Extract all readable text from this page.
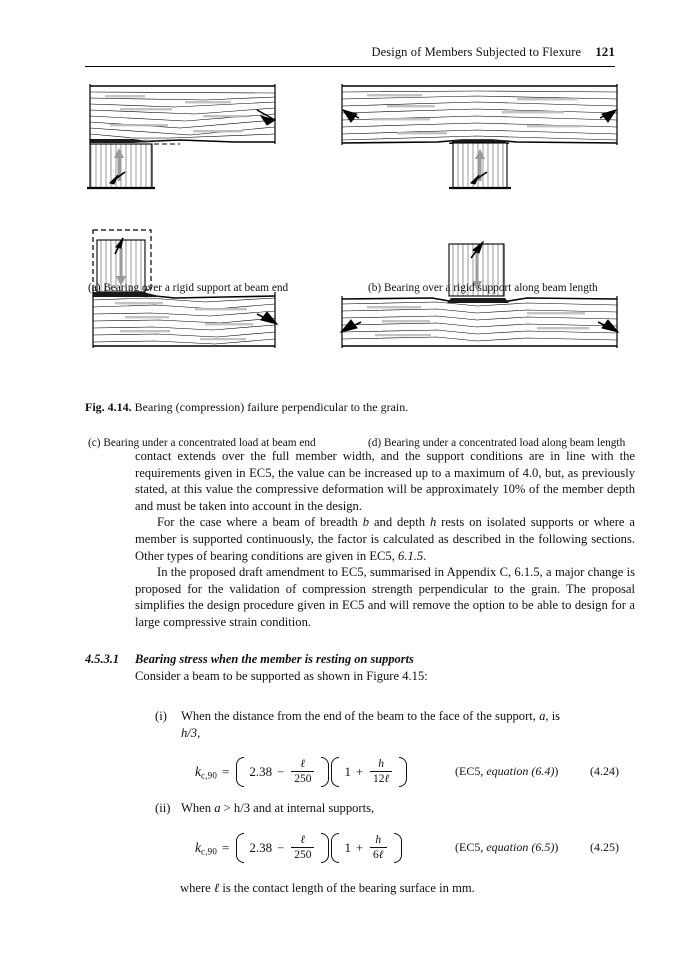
Design of Members Subjected to Flexure 121
(a) Bearing over a rigid support at beam end	(b) Bearing over a rigid support along beam length
(c) Bearing under a concentrated load at beam end	(d) Bearing under a concentrated load along beam length
Fig. 4.14. Bearing (compression) failure perpendicular to the grain.

contact extends over the full member width, and the support conditions are in line with the requirements given in EC5, the value can be increased up to a maximum of 4.0, but, as previously stated, at this value the compressive deformation will be approximately 10% of the member depth and must be taken into account in the design.

For the case where a beam of breadth b and depth h rests on isolated supports or where a member is supported continuously, the factor is calculated as described in the following sections. Other types of bearing conditions are given in EC5, 6.1.5.

In the proposed draft amendment to EC5, summarised in Appendix C, 6.1.5, a major change is proposed for the validation of compression strength perpendicular to the grain. The proposal simplifies the design procedure given in EC5 and will remove the option to be able to design for a large compressive strain condition.

4.5.3.1 Bearing stress when the member is resting on supports
Consider a beam to be supported as shown in Figure 4.15:
(i)	When the distance from the end of the beam to the face of the support, a, is
h/3,
$k_{c,90} = 2.38 - \frac{\text{ℓ}}{250} 1 + \frac{h}{\text{12ℓ}}$	(EC5, equation (6.4))	(4.24)
(ii) When a > h/3 and at internal supports,
$k_{c,90} = 2.38 - \frac{\text{ℓ}}{250} 1 + \frac{h}{\text{6ℓ}}$	(EC5, equation (6.5))	(4.25)
where ℓ is the contact length of the bearing surface in mm.
